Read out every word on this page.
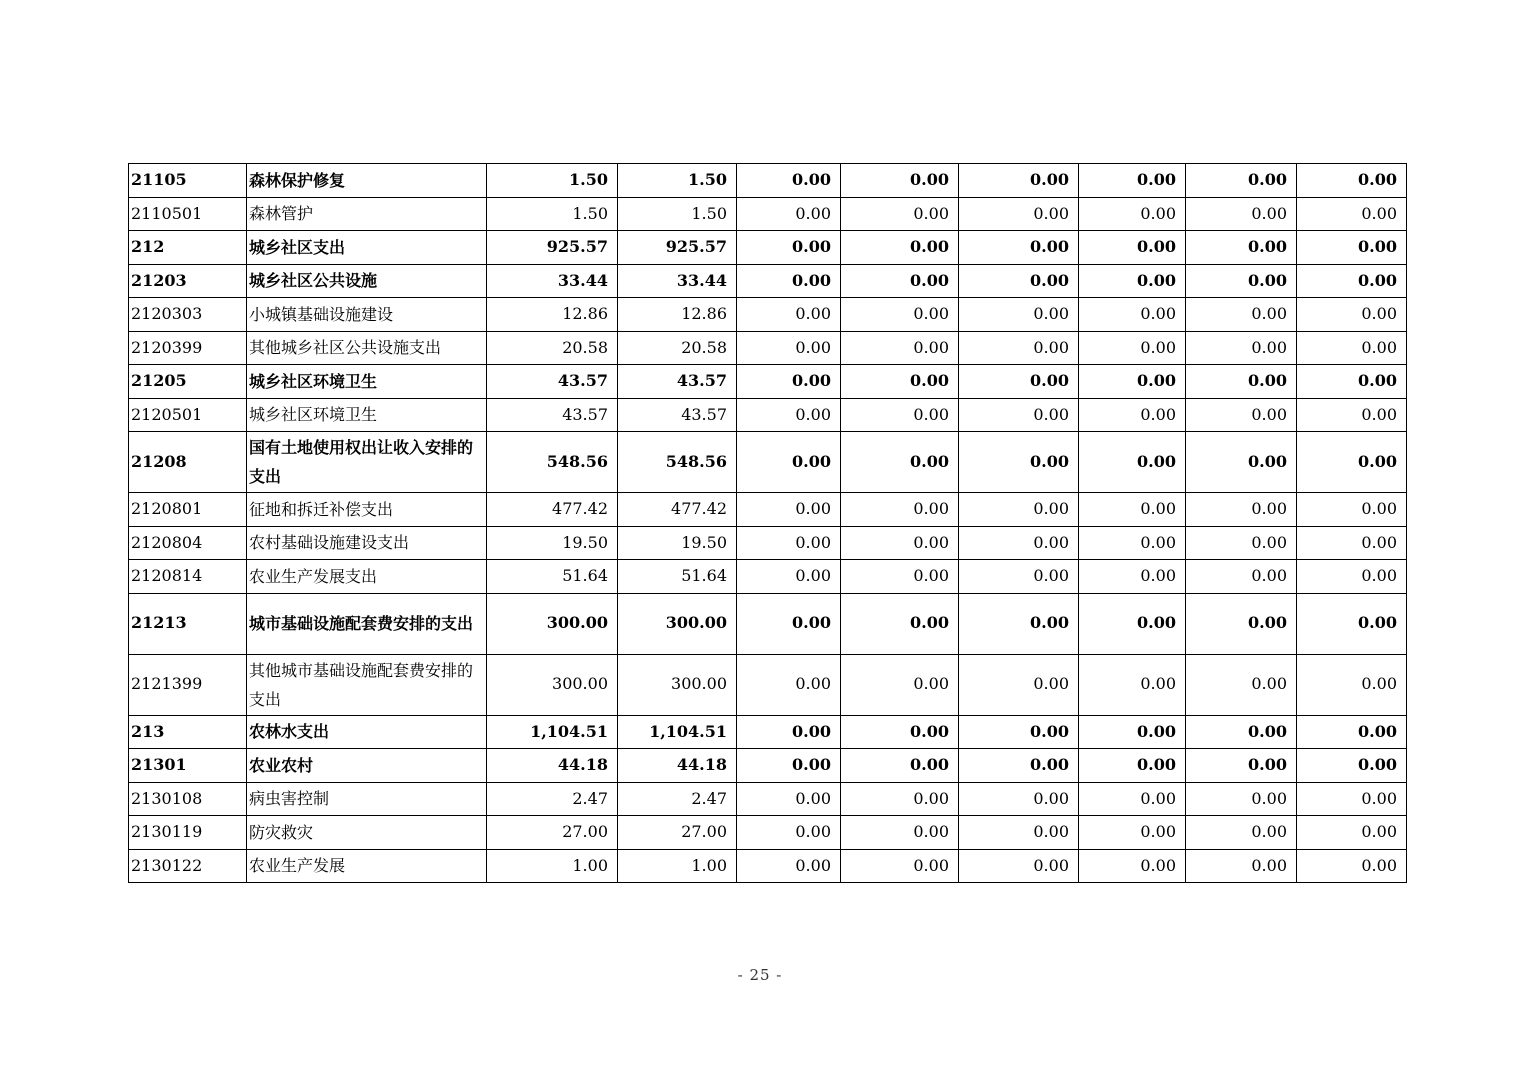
21105	森林保护修复	1.50	1.50	0.00	0.00	0.00	0.00	0.00	0.00
2110501	森林管护	1.50	1.50	0.00	0.00	0.00	0.00	0.00	0.00
212	城乡社区支出	925.57	925.57	0.00	0.00	0.00	0.00	0.00	0.00
21203	城乡社区公共设施	33.44	33.44	0.00	0.00	0.00	0.00	0.00	0.00
2120303	小城镇基础设施建设	12.86	12.86	0.00	0.00	0.00	0.00	0.00	0.00
2120399	其他城乡社区公共设施支出	20.58	20.58	0.00	0.00	0.00	0.00	0.00	0.00
21205	城乡社区环境卫生	43.57	43.57	0.00	0.00	0.00	0.00	0.00	0.00
2120501	城乡社区环境卫生	43.57	43.57	0.00	0.00	0.00	0.00	0.00	0.00
21208	国有土地使用权出让收入安排的支出	548.56	548.56	0.00	0.00	0.00	0.00	0.00	0.00
2120801	征地和拆迁补偿支出	477.42	477.42	0.00	0.00	0.00	0.00	0.00	0.00
2120804	农村基础设施建设支出	19.50	19.50	0.00	0.00	0.00	0.00	0.00	0.00
2120814	农业生产发展支出	51.64	51.64	0.00	0.00	0.00	0.00	0.00	0.00
21213	城市基础设施配套费安排的支出	300.00	300.00	0.00	0.00	0.00	0.00	0.00	0.00
2121399	其他城市基础设施配套费安排的支出	300.00	300.00	0.00	0.00	0.00	0.00	0.00	0.00
213	农林水支出	1,104.51	1,104.51	0.00	0.00	0.00	0.00	0.00	0.00
21301	农业农村	44.18	44.18	0.00	0.00	0.00	0.00	0.00	0.00
2130108	病虫害控制	2.47	2.47	0.00	0.00	0.00	0.00	0.00	0.00
2130119	防灾救灾	27.00	27.00	0.00	0.00	0.00	0.00	0.00	0.00
2130122	农业生产发展	1.00	1.00	0.00	0.00	0.00	0.00	0.00	0.00
- 25 -
